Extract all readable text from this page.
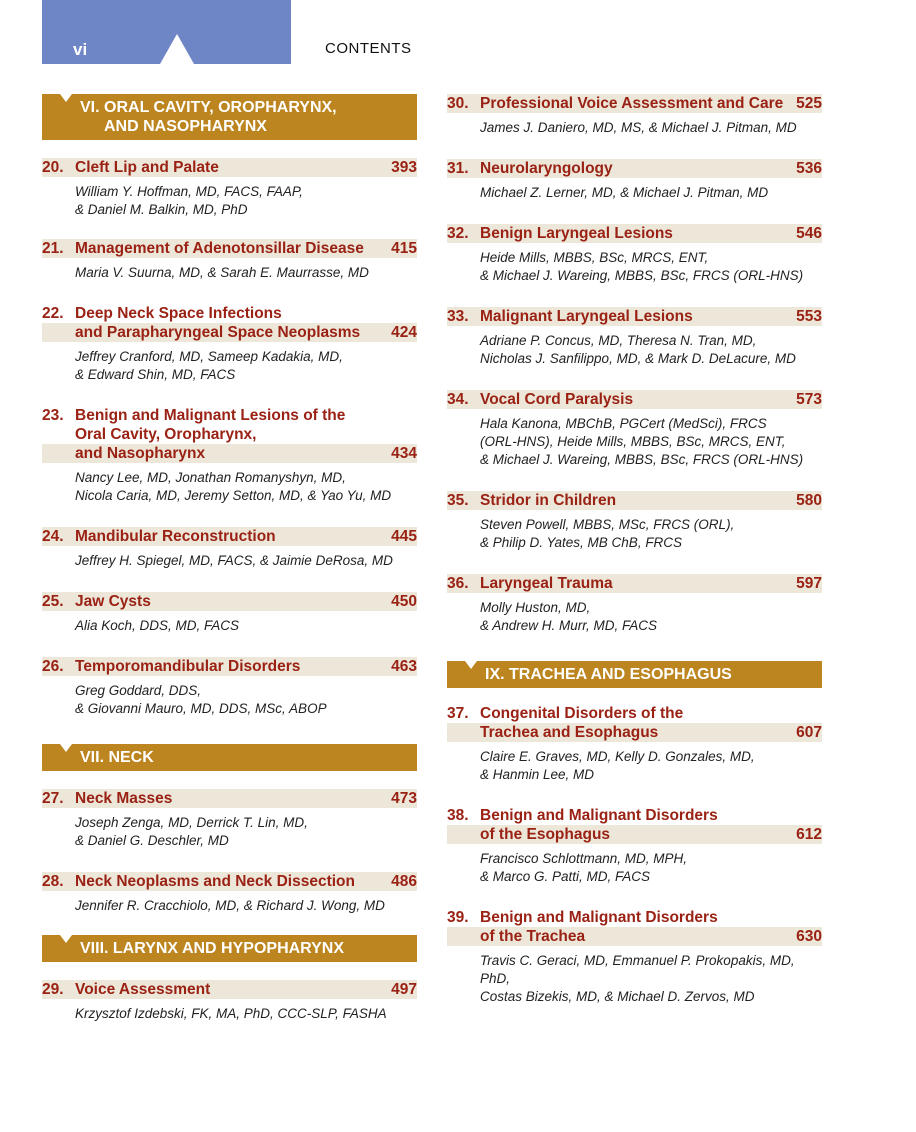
vi	CONTENTS
VI. ORAL CAVITY, OROPHARYNX,
AND NASOPHARYNX
20. Cleft Lip and Palate	393
William Y. Hoffman, MD, FACS, FAAP,
& Daniel M. Balkin, MD, PhD
21. Management of Adenotonsillar Disease	415
Maria V. Suurna, MD, & Sarah E. Maurrasse, MD
22. Deep Neck Space Infections
and Parapharyngeal Space Neoplasms	424
Jeffrey Cranford, MD, Sameep Kadakia, MD,
& Edward Shin, MD, FACS
23. Benign and Malignant Lesions of the
Oral Cavity, Oropharynx,
and Nasopharynx	434
Nancy Lee, MD, Jonathan Romanyshyn, MD,
Nicola Caria, MD, Jeremy Setton, MD, & Yao Yu, MD
24. Mandibular Reconstruction	445
Jeffrey H. Spiegel, MD, FACS, & Jaimie DeRosa, MD
25. Jaw Cysts	450
Alia Koch, DDS, MD, FACS
26. Temporomandibular Disorders	463
Greg Goddard, DDS,
& Giovanni Mauro, MD, DDS, MSc, ABOP
VII. NECK
27. Neck Masses	473
Joseph Zenga, MD, Derrick T. Lin, MD,
& Daniel G. Deschler, MD
28. Neck Neoplasms and Neck Dissection	486
Jennifer R. Cracchiolo, MD, & Richard J. Wong, MD
VIII. LARYNX AND HYPOPHARYNX
29. Voice Assessment	497
Krzysztof Izdebski, FK, MA, PhD, CCC-SLP, FASHA
30. Professional Voice Assessment and Care 525
James J. Daniero, MD, MS, & Michael J. Pitman, MD
31. Neurolaryngology	536
Michael Z. Lerner, MD, & Michael J. Pitman, MD
32. Benign Laryngeal Lesions	546
Heide Mills, MBBS, BSc, MRCS, ENT,
& Michael J. Wareing, MBBS, BSc, FRCS (ORL-HNS)
33. Malignant Laryngeal Lesions	553
Adriane P. Concus, MD, Theresa N. Tran, MD,
Nicholas J. Sanfilippo, MD, & Mark D. DeLacure, MD
34. Vocal Cord Paralysis	573
Hala Kanona, MBChB, PGCert (MedSci), FRCS
(ORL-HNS), Heide Mills, MBBS, BSc, MRCS, ENT,
& Michael J. Wareing, MBBS, BSc, FRCS (ORL-HNS)
35. Stridor in Children	580
Steven Powell, MBBS, MSc, FRCS (ORL),
& Philip D. Yates, MB ChB, FRCS
36. Laryngeal Trauma	597
Molly Huston, MD,
& Andrew H. Murr, MD, FACS
IX. TRACHEA AND ESOPHAGUS
37. Congenital Disorders of the
Trachea and Esophagus	607
Claire E. Graves, MD, Kelly D. Gonzales, MD,
& Hanmin Lee, MD
38. Benign and Malignant Disorders
of the Esophagus	612
Francisco Schlottmann, MD, MPH,
& Marco G. Patti, MD, FACS
39. Benign and Malignant Disorders
of the Trachea	630
Travis C. Geraci, MD, Emmanuel P. Prokopakis, MD, PhD,
Costas Bizekis, MD, & Michael D. Zervos, MD
